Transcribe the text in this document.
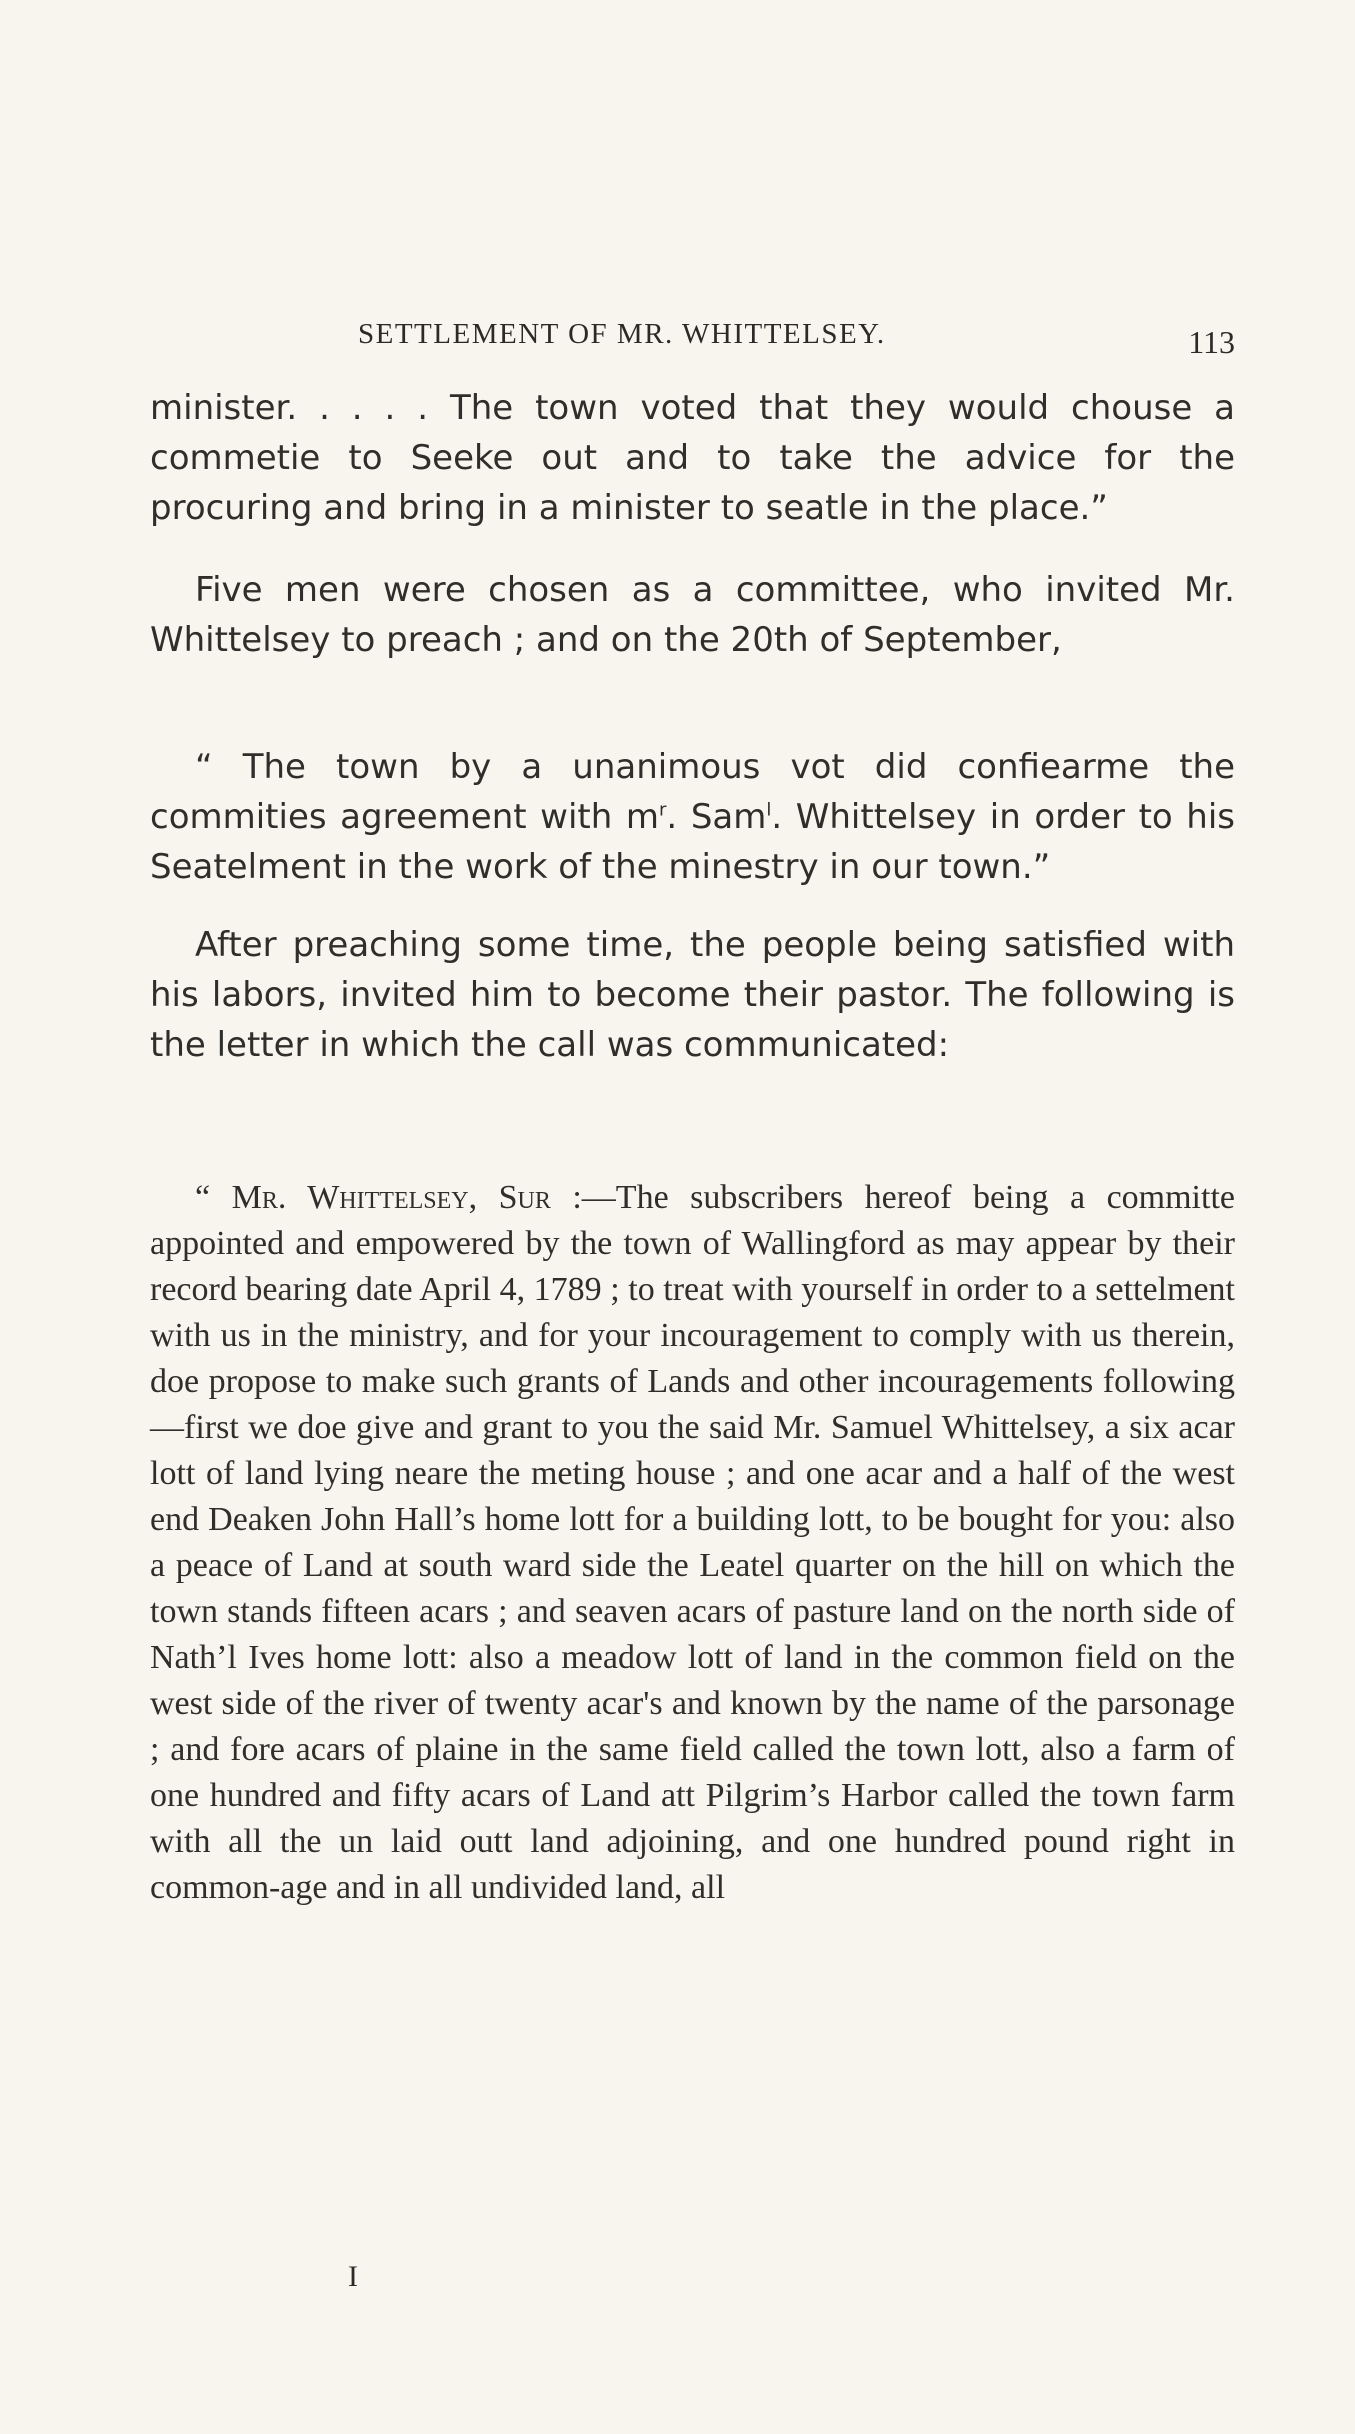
SETTLEMENT OF MR. WHITTELSEY.	113

minister. . . . . The town voted that they would chouse a commetie to Seeke out and to take the advice for the procuring and bring in a minister to seatle in the place.”

Five men were chosen as a committee, who invited Mr. Whittelsey to preach ; and on the 20th of September,

“ The town by a unanimous vot did confiearme the commities agreement with $m^r$. Sam$^l$. Whittelsey in order to his Seatelment in the work of the minestry in our town.”

After preaching some time, the people being satisfied with his labors, invited him to become their pastor. The following is the letter in which the call was communicated:

“ Mr. Whittelsey, Sur :—The subscribers hereof being a committe appointed and empowered by the town of Wallingford as may appear by their record bearing date April 4, 1789 ; to treat with yourself in order to a settelment with us in the ministry, and for your incouragement to comply with us therein, doe propose to make such grants of Lands and other incouragements following—first we doe give and grant to you the said Mr. Samuel Whittelsey, a six acar lott of land lying neare the meting house ; and one acar and a half of the west end Deaken John Hall’s home lott for a building lott, to be bought for you: also a peace of Land at south ward side the Leatel quarter on the hill on which the town stands fifteen acars ; and seaven acars of pasture land on the north side of Nath’l Ives home lott: also a meadow lott of land in the common field on the west side of the river of twenty acar's and known by the name of the parsonage ; and fore acars of plaine in the same field called the town lott, also a farm of one hundred and fifty acars of Land att Pilgrim’s Harbor called the town farm with all the un laid outt land adjoining, and one hundred pound right in common-age and in all undivided land, all

I
